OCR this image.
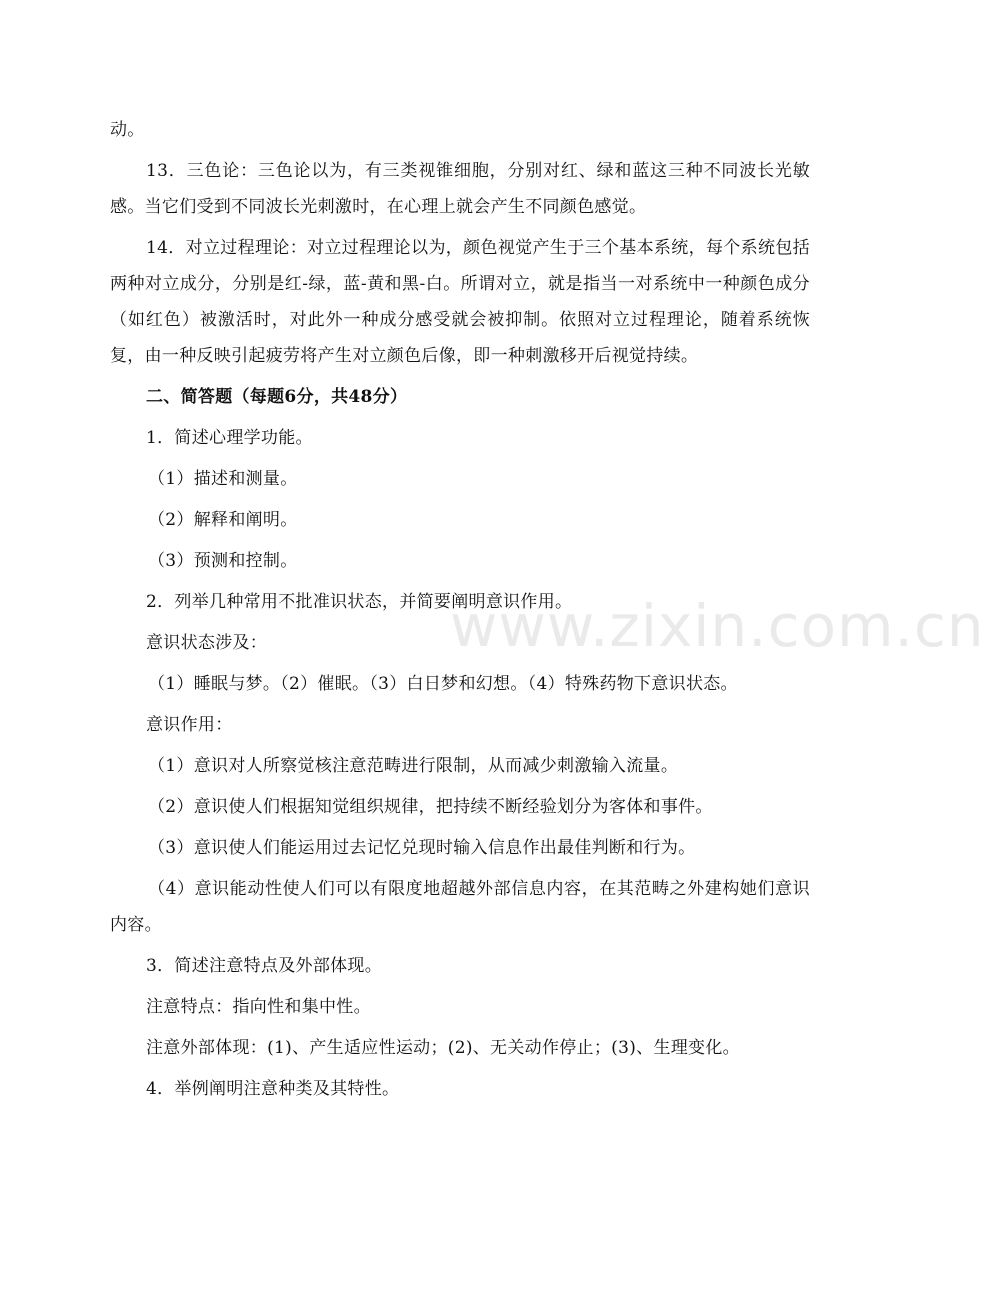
www.zixin.com.cn

动。

13．三色论：三色论以为，有三类视锥细胞，分别对红、绿和蓝这三种不同波长光敏感。当它们受到不同波长光刺激时，在心理上就会产生不同颜色感觉。

14．对立过程理论：对立过程理论以为，颜色视觉产生于三个基本系统，每个系统包括两种对立成分，分别是红-绿，蓝-黄和黑-白。所谓对立，就是指当一对系统中一种颜色成分（如红色）被激活时，对此外一种成分感受就会被抑制。依照对立过程理论，随着系统恢复，由一种反映引起疲劳将产生对立颜色后像，即一种刺激移开后视觉持续。

二、简答题（每题6分，共48分）

1．简述心理学功能。

（1）描述和测量。

（2）解释和阐明。

（3）预测和控制。

2．列举几种常用不批准识状态，并简要阐明意识作用。

意识状态涉及：

（1）睡眠与梦。（2）催眠。（3）白日梦和幻想。（4）特殊药物下意识状态。

意识作用：

（1）意识对人所察觉核注意范畴进行限制，从而减少刺激输入流量。

（2）意识使人们根据知觉组织规律，把持续不断经验划分为客体和事件。

（3）意识使人们能运用过去记忆兑现时输入信息作出最佳判断和行为。

（4）意识能动性使人们可以有限度地超越外部信息内容，在其范畴之外建构她们意识内容。

3．简述注意特点及外部体现。

注意特点：指向性和集中性。

注意外部体现：(1)、产生适应性运动；(2)、无关动作停止；(3)、生理变化。

4．举例阐明注意种类及其特性。
